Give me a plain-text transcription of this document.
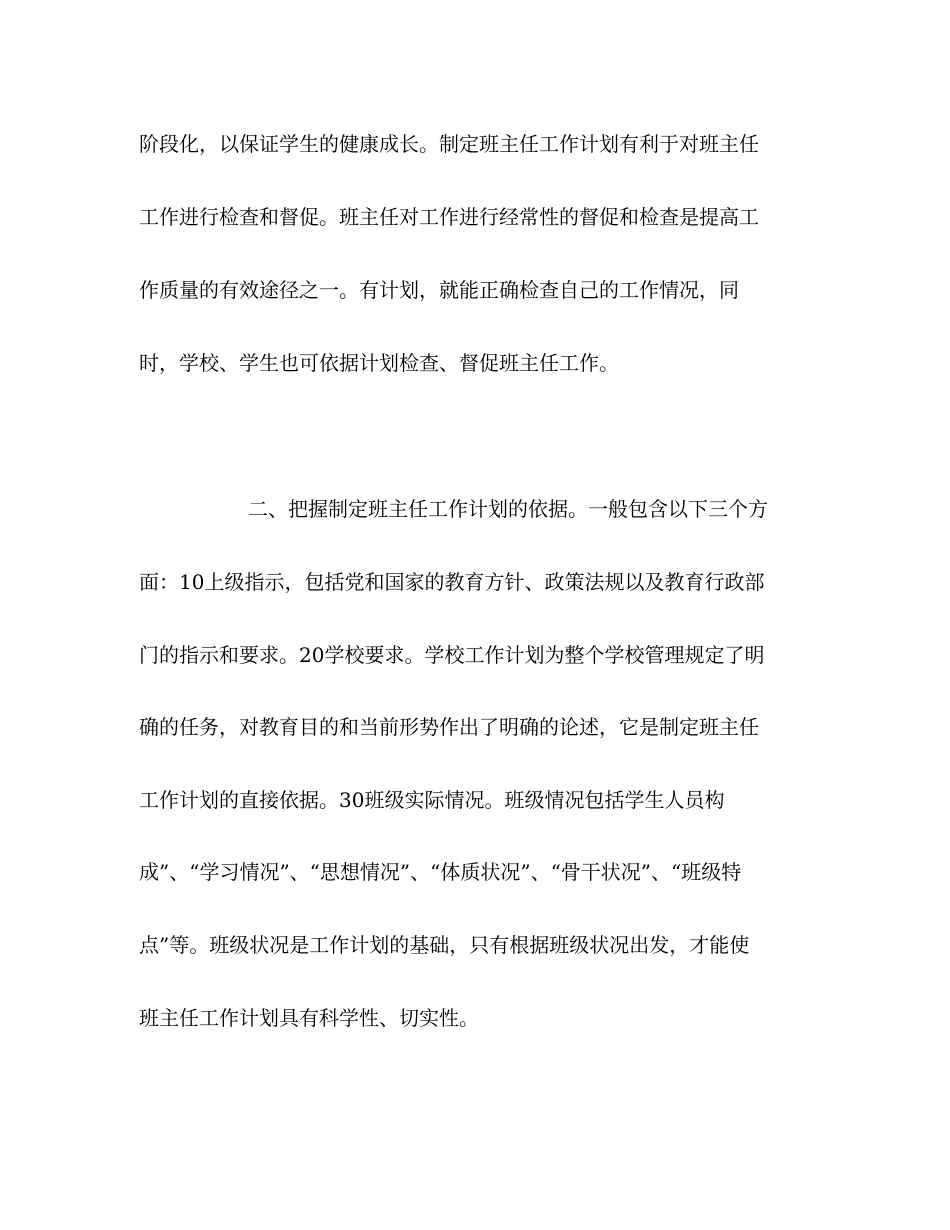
阶段化，以保证学生的健康成长。制定班主任工作计划有利于对班主任
工作进行检查和督促。班主任对工作进行经常性的督促和检查是提高工
作质量的有效途径之一。有计划，就能正确检查自己的工作情况，同
时，学校、学生也可依据计划检查、督促班主任工作。
二、把握制定班主任工作计划的依据。一般包含以下三个方
面：10上级指示，包括党和国家的教育方针、政策法规以及教育行政部
门的指示和要求。20学校要求。学校工作计划为整个学校管理规定了明
确的任务，对教育目的和当前形势作出了明确的论述，它是制定班主任
工作计划的直接依据。30班级实际情况。班级情况包括学生人员构
成”、“学习情况”、“思想情况”、“体质状况”、“骨干状况”、“班级特
点”等。班级状况是工作计划的基础，只有根据班级状况出发，才能使
班主任工作计划具有科学性、切实性。
